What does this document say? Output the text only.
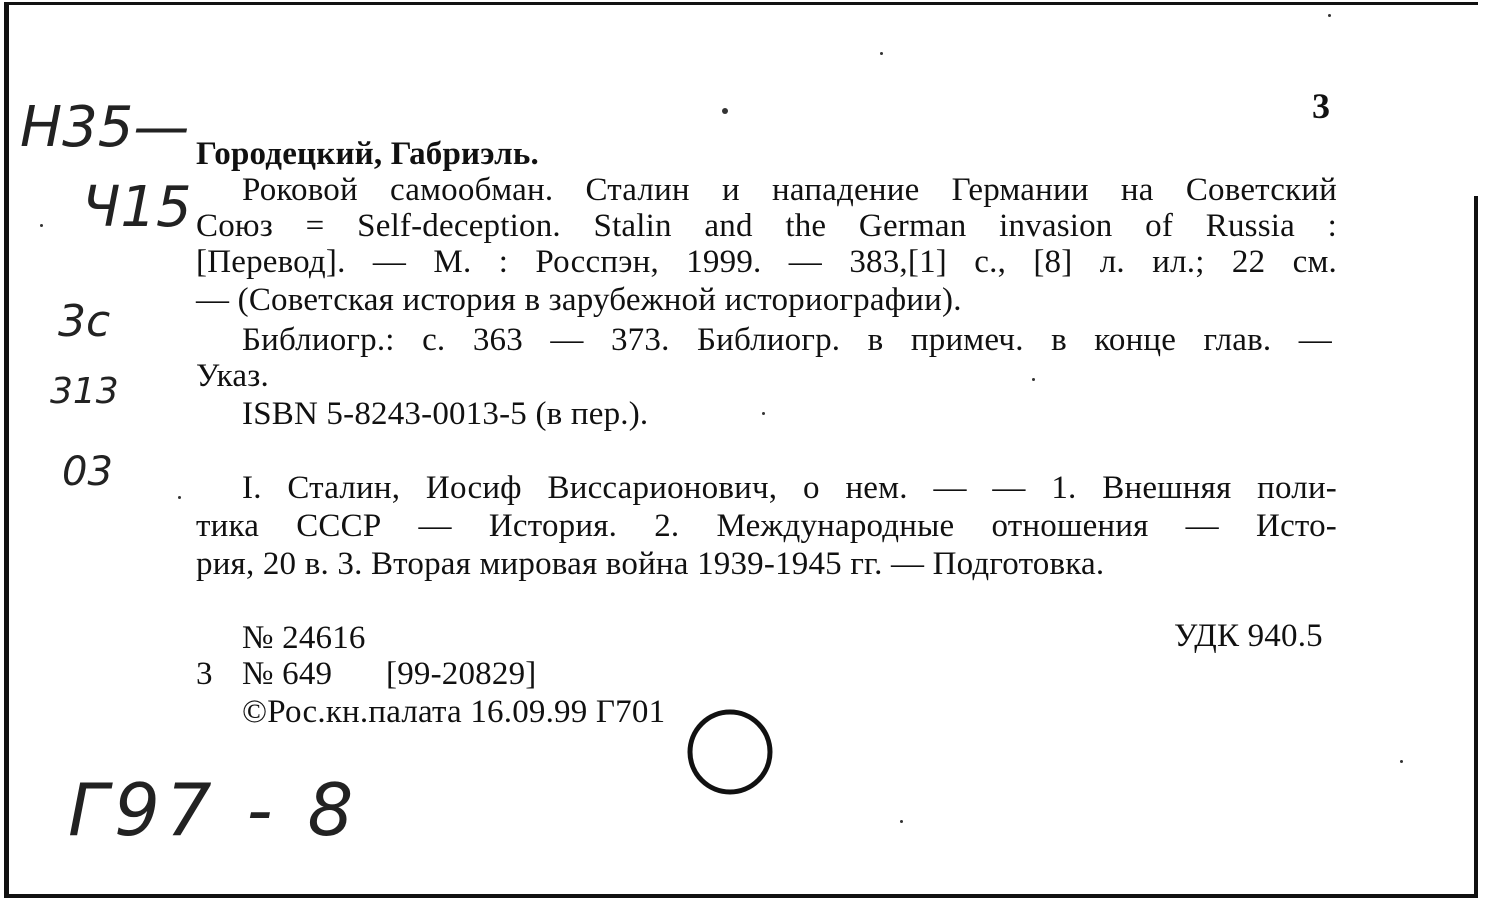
Н35—
Ч15
3с
313
03
3
Городецкий, Габриэль.
Роковой самообман. Сталин и нападение Германии на Советский
Союз = Self-deception. Stalin and the German invasion of Russia :
[Перевод]. — М. : Росспэн, 1999. — 383,[1] с., [8] л. ил.; 22 см.
— (Советская история в зарубежной историографии).
Библиогр.: с. 363 — 373. Библиогр. в примеч. в конце глав. —
Указ.
ISBN 5-8243-0013-5 (в пер.).
I. Сталин, Иосиф Виссарионович, о нем. — — 1. Внешняя поли-
тика СССР — История. 2. Международные отношения — Исто-
рия, 20 в. 3. Вторая мировая война 1939-1945 гг. — Подготовка.
№ 24616	УДК 940.5
3 № 649 [99-20829]
©Рос.кн.палата 16.09.99 Г701
Г97 - 8
